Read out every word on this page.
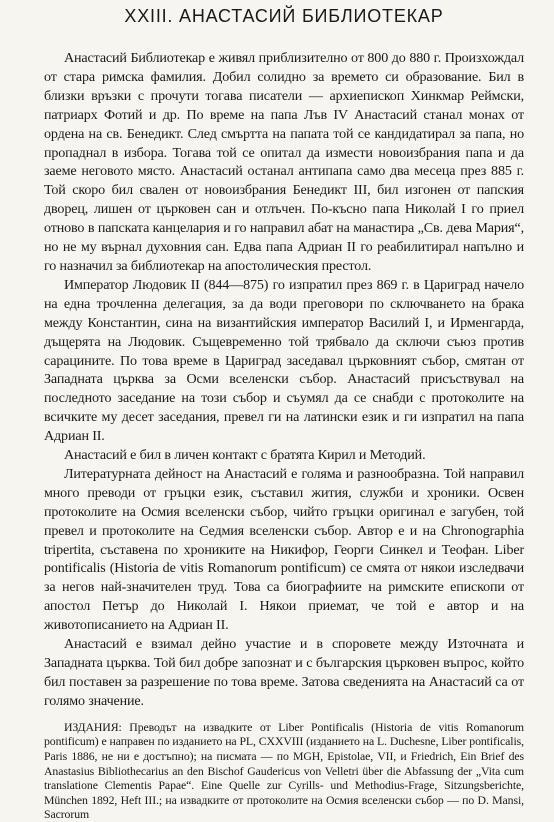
XXIII. АНАСТАСИЙ БИБЛИОТЕКАР

Анастасий Библиотекар е живял приблизително от 800 до 880 г. Произхождал от стара римска фамилия. Добил солидно за времето си образование. Бил в близки връзки с прочути тогава писатели — архиепископ Хинкмар Реймски, патриарх Фотий и др. По време на папа Лъв IV Анастасий станал монах от ордена на св. Бенедикт. След смъртта на папата той се кандидатирал за папа, но пропаднал в избора. Тогава той се опитал да измести новоизбрания папа и да заеме неговото място. Анастасий останал антипапа само два месеца през 885 г. Той скоро бил свален от новоизбрания Бенедикт III, бил изгонен от папския дворец, лишен от църковен сан и отлъчен. По-късно папа Николай I го приел отново в папската канцелария и го направил абат на манастира „Св. дева Мария“, но не му върнал духовния сан. Едва папа Адриан II го реабилитирал напълно и го назначил за библиотекар на апостолическия престол.

Император Людовик II (844—875) го изпратил през 869 г. в Цариград начело на една трочленна делегация, за да води преговори по сключването на брака между Константин, сина на византийския император Василий I, и Ирменгарда, дъщерята на Людовик. Същевременно той трябвало да сключи съюз против сарацините. По това време в Цариград заседавал църковният събор, смятан от Западната църква за Осми вселенски събор. Анастасий присъствувал на последното заседание на този събор и съумял да се снабди с протоколите на всичките му десет заседания, превел ги на латински език и ги изпратил на папа Адриан II.

Анастасий е бил в личен контакт с братята Кирил и Методий.

Литературната дейност на Анастасий е голяма и разнообразна. Той направил много преводи от гръцки език, съставил жития, служби и хроники. Освен протоколите на Осмия вселенски събор, чийто гръцки оригинал е загубен, той превел и протоколите на Седмия вселенски събор. Автор е и на Chronographia tripertita, съставена по хрониките на Никифор, Георги Синкел и Теофан. Liber pontificalis (Historia de vitis Romanorum pontificum) се смята от някои изследвачи за негов най-значителен труд. Това са биографиите на римските епископи от апостол Петър до Николай I. Някои приемат, че той е автор и на животописанието на Адриан II.

Анастасий е взимал дейно участие и в споровете между Източната и Западната църква. Той бил добре запознат и с българския църковен въпрос, който бил поставен за разрешение по това време. Затова сведенията на Анастасий са от голямо значение.

ИЗДАНИЯ: Преводът на извадките от Liber Pontificalis (Historia de vitis Romanorum pontificum) е направен по изданието на PL, CXXVIII (изданието на L. Duchesne, Liber pontificalis, Paris 1886, не ни е достъпно); на писмата — по MGH, Epistolae, VII, и Friedrich, Ein Brief des Anastasius Bibliothecarius an den Bischof Gaudericus von Velletri über die Abfassung der „Vita cum translatione Clementis Papae“. Eine Quelle zur Cyrills- und Methodius-Frage, Sitzungsberichte, München 1892, Heft III.; на извадките от протоколите на Осмия вселенски събор — по D. Mansi, Sacrorum
